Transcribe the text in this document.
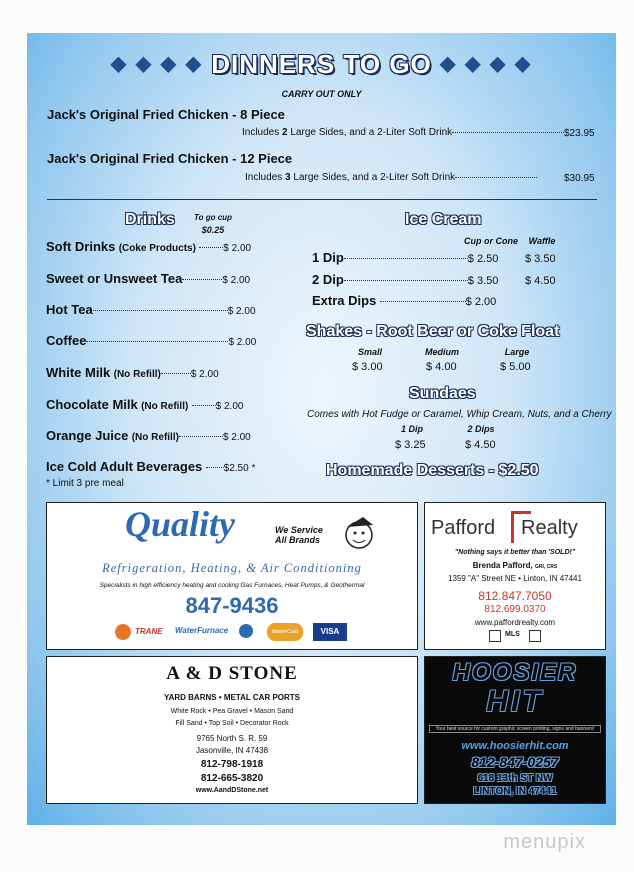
◆ ◆ ◆ ◆ DINNERS TO GO ◆ ◆ ◆ ◆
CARRY OUT ONLY
Jack's Original Fried Chicken - 8 Piece
Includes 2 Large Sides, and a 2-Liter Soft Drink	$23.95
Jack's Original Fried Chicken - 12 Piece
Includes 3 Large Sides, and a 2-Liter Soft Drink	$30.95
Drinks	To go cup
$0.25
Soft Drinks (Coke Products)	$ 2.00
Sweet or Unsweet Tea	$ 2.00
Hot Tea	$ 2.00
Coffee	$ 2.00
White Milk (No Refill)	$ 2.00
Chocolate Milk (No Refill)	$ 2.00
Orange Juice (No Refill)	$ 2.00
Ice Cold Adult Beverages $2.50 *
* Limit 3 pre meal
Ice Cream
Cup or Cone	Waffle
1 Dip	$ 2.50 $ 3.50
2 Dip	$ 3.50 $ 4.50
Extra Dips	$ 2.00
Shakes - Root Beer or Coke Float
Small	Medium	Large
$ 3.00	$ 4.00	$ 5.00
Sundaes
Comes with Hot Fudge or Caramel, Whip Cream, Nuts, and a Cherry
1 Dip	2 Dips
$ 3.25	$ 4.50
Homemade Desserts - $2.50
Quality	We Service All Brands
Refrigeration, Heating, & Air Conditioning
Specialists in high efficiency heating and cooling Gas Furnaces, Heat Pumps, & Geothermal
847-9436
TRANE WaterFurnace	MasterCard	VISA
Pafford Realty
"Nothing says it better than 'SOLD!"
Brenda Pafford, GRI, CRS
1359 "A" Street NE • Linton, IN 47441
812.847.7050
812.699.0370
www.paffordrealty.com
MLS
A & D STONE
YARD BARNS • METAL CAR PORTS
White Rock • Pea Gravel • Mason Sand
Fill Sand • Top Soil • Decorator Rock
9765 North S. R. 59
Jasonville, IN 47438
812-798-1918
812-665-3820
www.AandDStone.net
HOOSIER
HIT
Your best source for custom graphic screen printing, signs and banners!
www.hoosierhit.com
812-847-0257
618 13th ST NW
LINTON, IN 47441
menupix
